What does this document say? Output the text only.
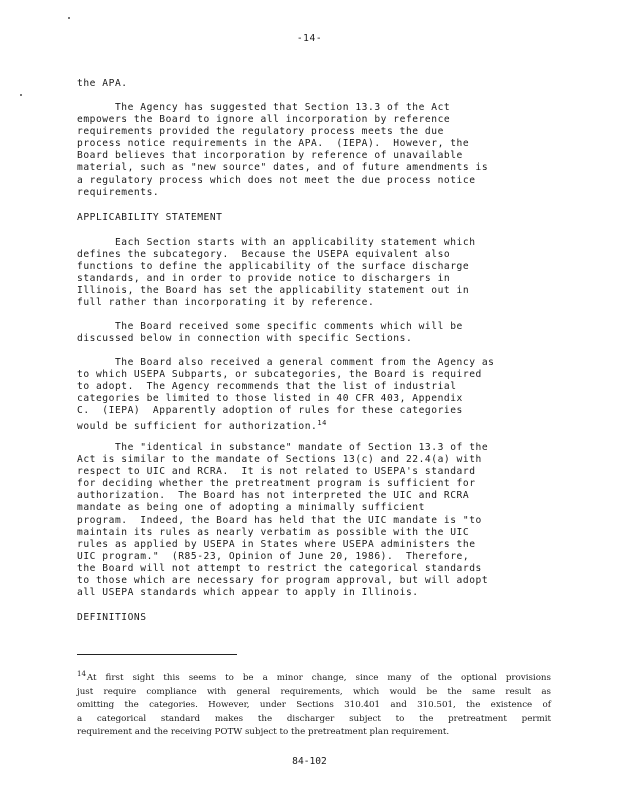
-14-
the APA.
The Agency has suggested that Section 13.3 of the Act
empowers the Board to ignore all incorporation by reference
requirements provided the regulatory process meets the due
process notice requirements in the APA.  (IEPA).  However, the
Board believes that incorporation by reference of unavailable
material, such as "new source" dates, and of future amendments is
a regulatory process which does not meet the due process notice
requirements.
APPLICABILITY STATEMENT
Each Section starts with an applicability statement which
defines the subcategory.  Because the USEPA equivalent also
functions to define the applicability of the surface discharge
standards, and in order to provide notice to dischargers in
Illinois, the Board has set the applicability statement out in
full rather than incorporating it by reference.
The Board received some specific comments which will be
discussed below in connection with specific Sections.
The Board also received a general comment from the Agency as
to which USEPA Subparts, or subcategories, the Board is required
to adopt.  The Agency recommends that the list of industrial
categories be limited to those listed in 40 CFR 403, Appendix
C.  (IEPA)  Apparently adoption of rules for these categories
would be sufficient for authorization.$^{14}$
The "identical in substance" mandate of Section 13.3 of the
Act is similar to the mandate of Sections 13(c) and 22.4(a) with
respect to UIC and RCRA.  It is not related to USEPA's standard
for deciding whether the pretreatment program is sufficient for
authorization.  The Board has not interpreted the UIC and RCRA
mandate as being one of adopting a minimally sufficient
program.  Indeed, the Board has held that the UIC mandate is "to
maintain its rules as nearly verbatim as possible with the UIC
rules as applied by USEPA in States where USEPA administers the
UIC program."  (R85-23, Opinion of June 20, 1986).  Therefore,
the Board will not attempt to restrict the categorical standards
to those which are necessary for program approval, but will adopt
all USEPA standards which appear to apply in Illinois.
DEFINITIONS
$^{14}$At first sight this seems to be a minor change, since many of the optional provisions
just require compliance with general requirements, which would be the same result as
omitting the categories. However, under Sections 310.401 and 310.501, the existence of
a categorical standard makes the discharger subject to the pretreatment permit
requirement and the receiving POTW subject to the pretreatment plan requirement.
84-102
